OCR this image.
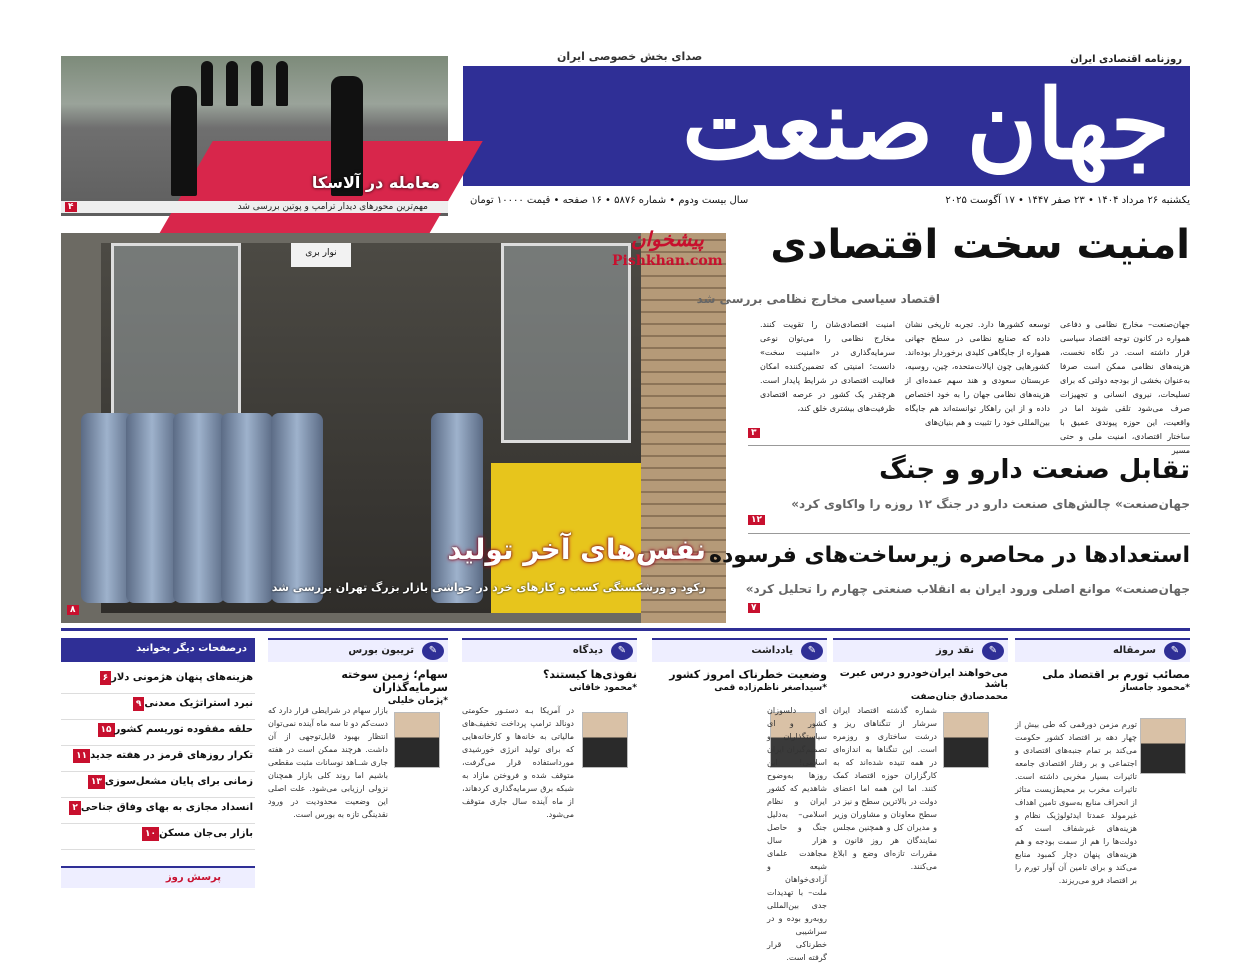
جهان صنعت
روزنامه اقتصادی ایران
صدای بخش خصوصی ایران
سال بیست ودوم • شماره ۵۸۷۶ • ۱۶ صفحه • قیمت ۱۰۰۰۰ تومان	یکشنبه ۲۶ مرداد ۱۴۰۴ • ۲۳ صفر ۱۴۴۷ • ۱۷ آگوست ۲۰۲۵
معامله در آلاسکا
۴	مهم‌ترین محورهای دیدار ترامپ و پوتین بررسی شد
نوار بری
نفس‌های آخر تولید
رکود و ورشکستگی کسب و کارهای خرد در حواشی بازار بزرگ تهران بررسی شد
۸
پیشخوان
Pishkhan.com امنیت سخت اقتصادی
اقتصاد سیاسی مخارج نظامی بررسی شد
جهان‌صنعت– مخارج نظامی و دفاعی همواره در کانون توجه اقتصاد سیاسی قرار داشته است. در نگاه نخست، هزینه‌های نظامی ممکن است صرفا به‌عنوان بخشی از بودجه دولتی که برای تسلیحات، نیروی انسانی و تجهیزات صرف می‌شود تلقی شوند اما در واقعیت، این حوزه پیوندی عمیق با ساختار اقتصادی، امنیت ملی و حتی مسیر
توسعه کشورها دارد. تجربه تاریخی نشان داده که صنایع نظامی در سطح جهانی همواره از جایگاهی کلیدی برخوردار بوده‌اند. کشورهایی چون ایالات‌متحده، چین، روسیه، عربستان سعودی و هند سهم عمده‌ای از هزینه‌های نظامی جهان را به خود اختصاص داده و از این راهکار توانسته‌اند هم جایگاه بین‌المللی خود را تثبیت و هم بنیان‌های
امنیت اقتصادی‌شان را تقویت کنند. مخارج نظامی را می‌توان نوعی سرمایه‌گذاری در «امنیت سخت» دانست؛ امنیتی که تضمین‌کننده امکان فعالیت اقتصادی در شرایط پایدار است. هرچقدر یک کشور در عرصه اقتصادی ظرفیت‌های بیشتری خلق کند،
۳
تقابل صنعت دارو و جنگ
«جهان‌صنعت» چالش‌های صنعت دارو در جنگ ۱۲ روزه را واکاوی کرد
۱۲
استعدادها در محاصره زیرساخت‌های فرسوده
«جهان‌صنعت» موانع اصلی ورود ایران به انقلاب صنعتی چهارم را تحلیل کرد
۷
سرمقاله	✎
مصائب تورم بر اقتصاد ملی
محمود جامساز*
تورم مزمن دورقمی که طی بیش از چهار دهه بر اقتصاد کشور حکومت می‌کند بر تمام جنبه‌های اقتصادی و اجتماعی و بر رفتار اقتصادی جامعه تاثیرات بسیار مخربی داشته است. تاثیرات مخرب بر محیط‌زیست متاثر از انحراف منابع به‌سوی تامین اهداف غیرمولد عمدتا ایدئولوژیک نظام و هزینه‌های غیرشفاف است که دولت‌ها را هم از سمت بودجه و هم هزینه‌های پنهان دچار کمبود منابع می‌کند و برای تامین آن آوار تورم را بر اقتصاد فرو می‌ریزند.
نقد روز	✎
می‌خواهند ایران‌خودرو درس عبرت باشد
محمدصادق جنان‌صفت
شماره گذشته اقتصاد ایران سرشار از تنگناهای ریز و درشت ساختاری و روزمره است. این تنگناها به اندازه‌ای در همه تنیده شده‌اند که به کارگزاران حوزه اقتصاد کمک کنند. اما این همه اما اعضای دولت در بالاترین سطح و نیز در سطح معاونان و مشاوران وزیر و مدیران کل و همچنین مجلس نمایندگان هر روز قانون و مقررات تازه‌ای وضع و ابلاغ می‌کنند.
یادداشت	✎
وضعیت خطرناک امروز کشور
سیداصغر ناظم‌زاده قمی*
ای دلسوزان کشور و ای سیاستگذاران و تصمیم‌گیران ایران اسلامی! این روزها به‌وضوح شاهدیم که کشور ایران و نظام اسلامی– به‌دلیل جنگ و حاصل هزار سال مجاهدت علمای شیعه و آزادی‌خواهان ملت– با تهدیدات جدی بین‌المللی روبه‌رو بوده و در سراشیبی خطرناکی قرار گرفته است.
دیدگاه	✎
نفوذی‌ها کیستند؟
محمود خاقانی*
در آمریکا بـه دستـور حکومتی دونالد ترامپ پرداخت تخفیف‌های مالیاتی به خانه‌ها و کارخانه‌هایی که برای تولید انرژی خورشیدی مورداستفاده قرار می‌گرفت، متوقف شده و فروختن مازاد به شبکه برق سرمایه‌گذاری کردهاند، از ماه آینده سال جاری متوقف می‌شود.
تریبون بورس	✎
سهام؛ زمین سوخته سرمایه‌گذاران
پژمان خلیلی*
بازار سهام در شرایطی قرار دارد که دست‌کم دو تا سه ماه آینده نمی‌توان انتظار بهبود قابل‌توجهی از آن داشت. هرچند ممکن است در هفته جاری شــاهد نوسانات مثبت مقطعی باشیم اما روند کلی بازار همچنان نزولی ارزیابی می‌شود. علت اصلی این وضعیت محدودیت در ورود نقدینگی تازه به بورس است.
درصفحات دیگر بخوانید
۶ هزینه‌های پنهان هژمونی دلار
۹ نبرد استراتژیک معدنی
۱۵ حلقه مفقوده توریسم کشور
۱۱ تکرار روزهای قرمز در هفته جدید
۱۳ زمانی برای پایان مشعل‌سوزی
۲ انسداد مجازی به بهای وفاق جناحی
۱۰ بازار بی‌جان مسکن
پرسش روز
